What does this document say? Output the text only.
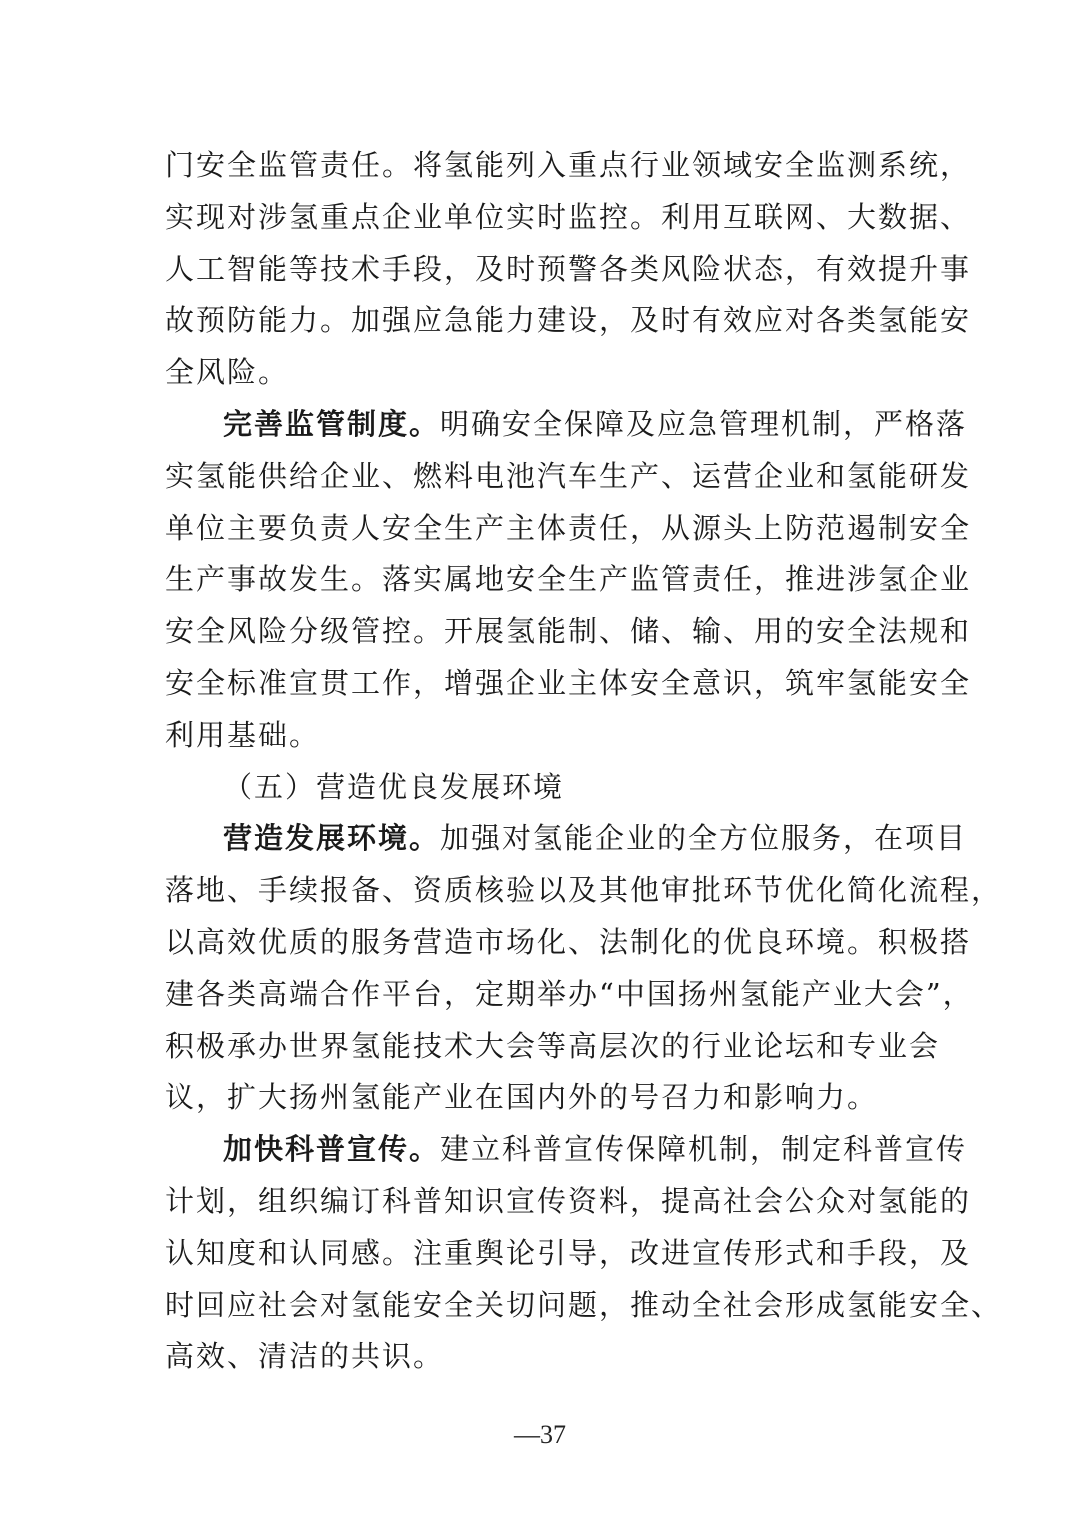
门安全监管责任。将氢能列入重点行业领域安全监测系统，
实现对涉氢重点企业单位实时监控。利用互联网、大数据、
人工智能等技术手段，及时预警各类风险状态，有效提升事
故预防能力。加强应急能力建设，及时有效应对各类氢能安
全风险。
完善监管制度。明确安全保障及应急管理机制，严格落
实氢能供给企业、燃料电池汽车生产、运营企业和氢能研发
单位主要负责人安全生产主体责任，从源头上防范遏制安全
生产事故发生。落实属地安全生产监管责任，推进涉氢企业
安全风险分级管控。开展氢能制、储、输、用的安全法规和
安全标准宣贯工作，增强企业主体安全意识，筑牢氢能安全
利用基础。
（五）营造优良发展环境
营造发展环境。加强对氢能企业的全方位服务，在项目
落地、手续报备、资质核验以及其他审批环节优化简化流程，
以高效优质的服务营造市场化、法制化的优良环境。积极搭
建各类高端合作平台，定期举办“中国扬州氢能产业大会”，
积极承办世界氢能技术大会等高层次的行业论坛和专业会
议，扩大扬州氢能产业在国内外的号召力和影响力。
加快科普宣传。建立科普宣传保障机制，制定科普宣传
计划，组织编订科普知识宣传资料，提高社会公众对氢能的
认知度和认同感。注重舆论引导，改进宣传形式和手段，及
时回应社会对氢能安全关切问题，推动全社会形成氢能安全、
高效、清洁的共识。
—37
